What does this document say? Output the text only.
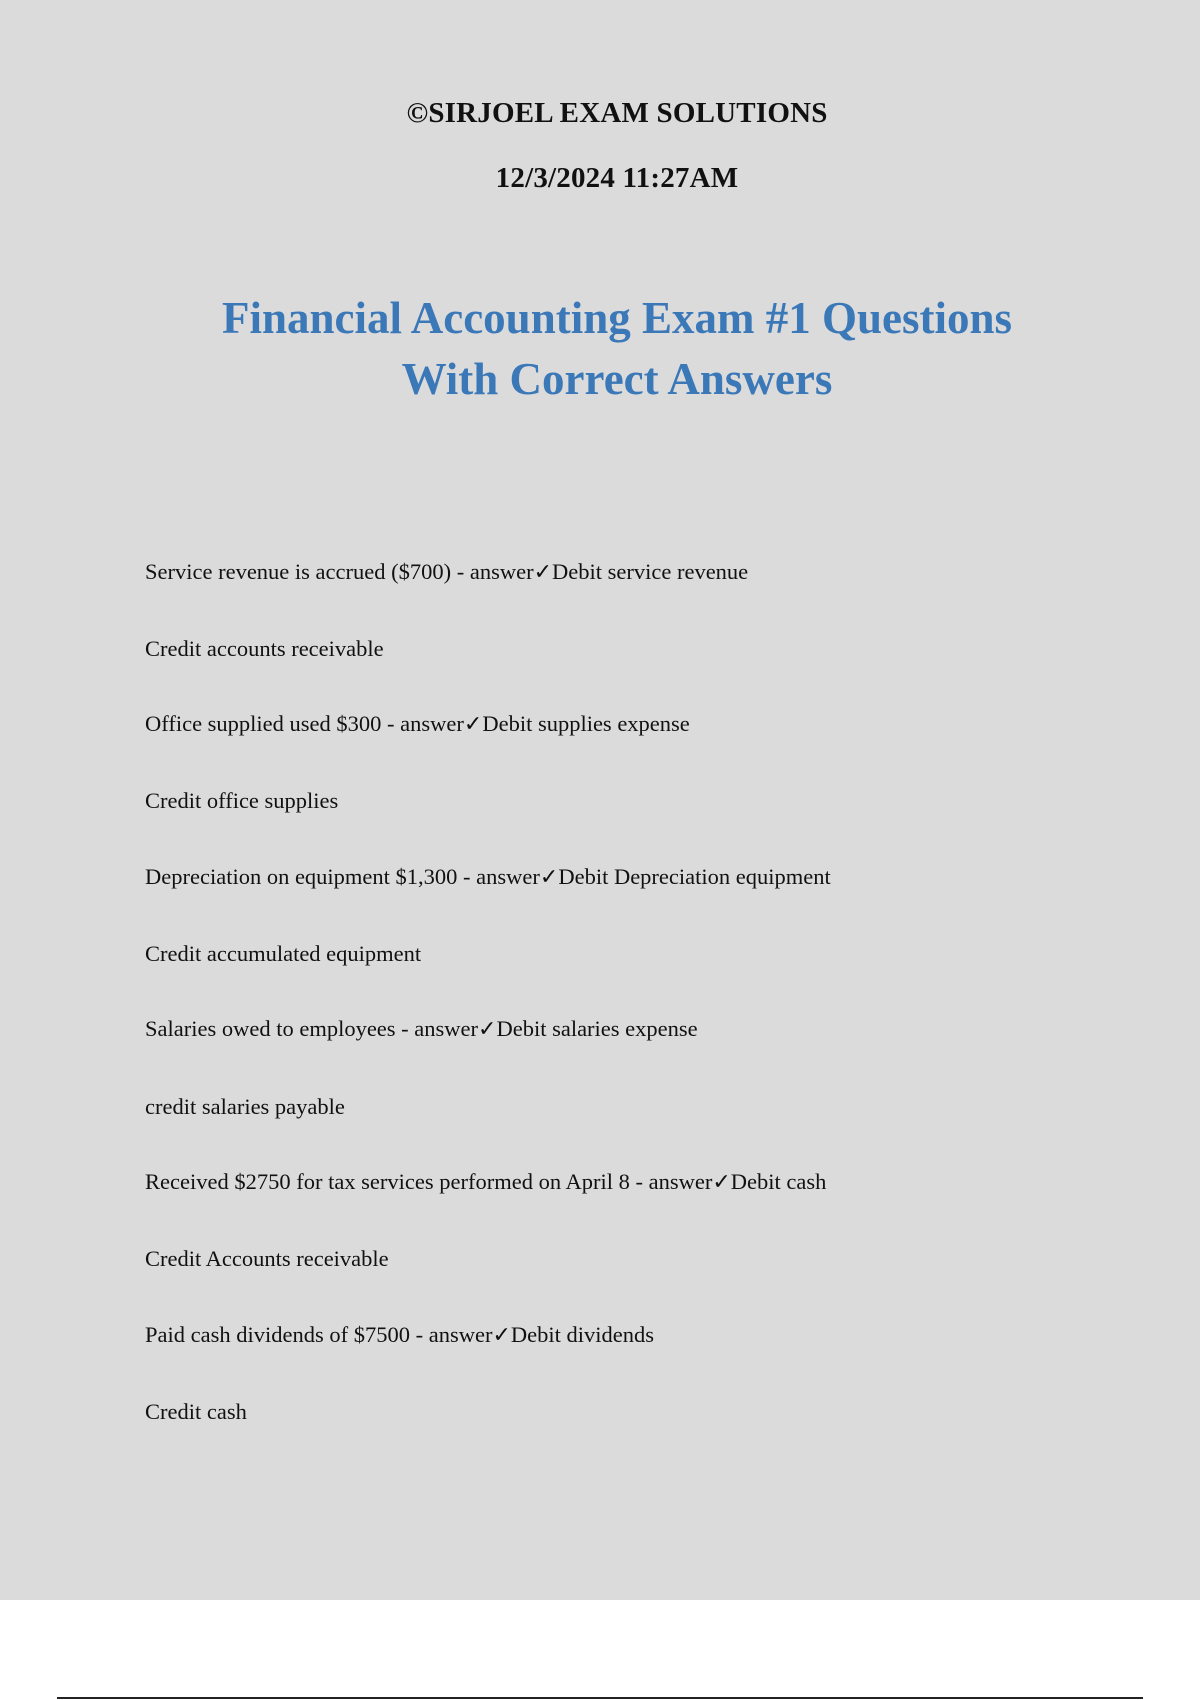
©SIRJOEL EXAM SOLUTIONS
12/3/2024 11:27AM
Financial Accounting Exam #1 Questions
With Correct Answers
Service revenue is accrued ($700) - answer✓Debit service revenue
Credit accounts receivable
Office supplied used $300 - answer✓Debit supplies expense
Credit office supplies
Depreciation on equipment $1,300 - answer✓Debit Depreciation equipment
Credit accumulated equipment
Salaries owed to employees - answer✓Debit salaries expense
credit salaries payable
Received $2750 for tax services performed on April 8 - answer✓Debit cash
Credit Accounts receivable
Paid cash dividends of $7500 - answer✓Debit dividends
Credit cash
